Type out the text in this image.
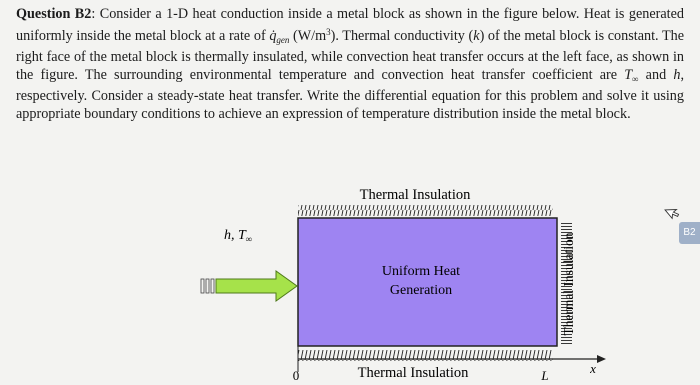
Question B2: Consider a 1-D heat conduction inside a metal block as shown in the figure below. Heat is generated uniformly inside the metal block at a rate of $q̇_{gen}$ $(W/m^3)$. Thermal conductivity (k) of the metal block is constant. The right face of the metal block is thermally insulated, while convection heat transfer occurs at the left face, as shown in the figure. The surrounding environmental temperature and convection heat transfer coefficient are $T_\infty$ and h, respectively. Consider a steady-state heat transfer. Write the differential equation for this problem and solve it using appropriate boundary conditions to achieve an expression of temperature distribution inside the metal block.
Uniform Heat
Generation
Thermal Insulation
Thermal Insulation
Thermal Insulation
h, $T_\infty$
0	L	x
B2
